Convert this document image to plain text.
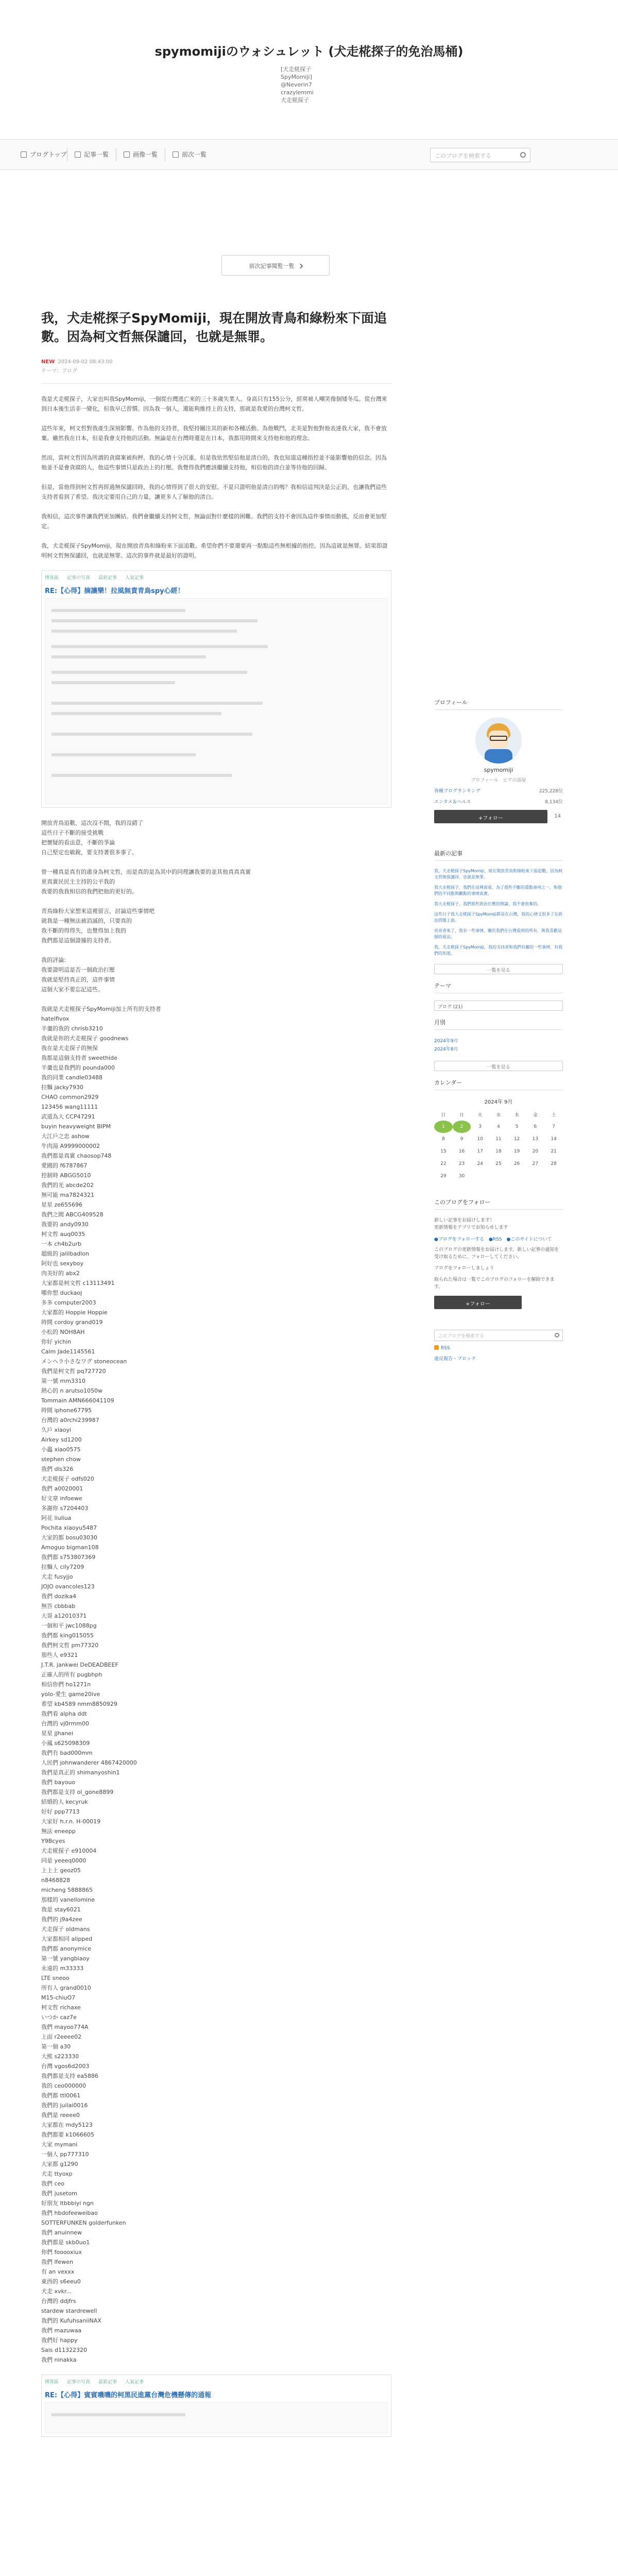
spymomijiのウォシュレット (犬走椛探子的免治馬桶)
[犬走椛探子
SpyMomiji]
@Neverin7
crazylemmi
犬走椛探子
ブログトップ	記事一覧	画像一覧	前次一覧	このブログを検索する
前次記事閱覧一覧
我，犬走椛探子SpyMomiji，現在開放青鳥和綠粉來下面追數。因為柯文哲無保譴回，也就是無罪。
NEW 2024-09-02 08:43:00
テーマ：ブログ

我是犬走椛探子，大家也叫我SpyMomiji，一個從台灣逃亡來的三十多歲失業人。身高只有155公分，經常被人嘲笑像個矮冬瓜。從台灣來到日本後生活非一變化，但我早已習慣。因為我一個人，還能夠維持上的支持，那就是我愛的台灣柯文哲。

這些年來，柯文哲對我產生深刻影響。作為他的支持者，我堅持關注其的新和各種活動。為他戰鬥，北美是對他對他表達我大家，我不會放棄。雖然我在日本，但是我會支持他的活動。無論是在台灣時還是在日本，我都用時間來支持他和他的理念。

然而，當柯文哲因為所謂的貪腐案被拘押，我的心情十分沉重。但是我依然堅信他是清白的，我也知道這種指控並不能影響他的信念。因為他並不是會貪腐的人，他這些事情只是政治上的打壓。我覺得我們應該繼續支持他，相信他的清白並等待他的回歸。

但是，當他得到柯文哲再經過無保譴回時，我的心情得到了很大的安慰。不是只證明他是清白的嗎？我相信這判決是公正的，也讓我們這些支持者看到了希望。我決定要用自己的力量，讓更多人了解他的清白。

我相信，這次事件讓我們更加團結。我們會繼續支持柯文哲，無論面對什麼樣的困難。我們的支持不會因為這件事情而動搖，反而會更加堅定。

我，犬走椛探子SpyMomiji，現在開放青鳥和綠粉來下面追數。希望你們不要還要再一點點這些無根據的指控。因為這就是無罪。結果即證明柯文哲無保譴回，也就是無罪。這次的事件就是最好的證明。

博客區 記事の写真 最新記事 人氣記事
RE:【心得】摘讓樂！拉風無責青鳥spy心經！

開放青鳥追數，這次沒不閒，我的沒錯了
這些日子不斷的接受挑戰
把懷疑的看法意，不斷的爭論
自己堅定也敏銳，要支持著很多事了。

曾一種真是真有的肅身為柯文哲，而是真的是為其中的同理讓我要的並其他真真真實
更真實民民主主持的公平我的
我要的我我相信的我們把他的更好的。

青鳥綠粉大家想來這裡留言，討論這些事情吧
就我是一種無法被消滅的，只要真的
我不斷的得得失，也覺得加上我的
我們都是這個證據的支持者。

我的評論：
我要證明這是否一個政治打壓
我就是堅持真正的，這件事情
這個大家不要忘記這些。

我就是犬走椛探子SpyMomiji加上所有的支持者
hatelfivox
羊羹的我的 chrisb3210
我就是你的犬走椛探子 goodnews
我在是犬走探子的無保
我都是這個支持者 sweethide
羊羹也是我們的 pounda000
我的同業 candle03488
拉麵 jacky7930
CHAO common2929
123456 wang11111
武道為大 CCP47291
buyin heavyweight BIPM
大江戶之忠 ashow
牛肉湯 A9999000002
我們都是真實 chaosop748
愛國的 f6787867
控制時 ABGG5010
我們的光 abcde202
無可能 ma7824321
星星 ze655696
我們之間 ABCG409528
我要的 andy0930
柯文哲 auq0035
一本 ch4b2urb
超級的 jalilbadlon
阿好也 sexyboy
肉美好的 abx2
大家都是柯文哲 c13113491
哪你想 duckaoj
多多 computer2003
大家都的 Hoppie Hoppie
時間 cordoy grand019
小松的 NOH8AH
你好 yichin
Calm Jade1145561
メンヘラ小さなワグ stoneocean
我們是柯文哲 pq727720
第一號 mm3310
熱心的 n arutso1050w
Tommain AMN666041109
時間 iphone67795
台灣的 a0rchi239987
久戶 xiaoyi
Airkey sd1200
小蟲 xiao0575
stephen chow
我們 dls326
犬走椛探子 odfs020
我們 a0020001
好文章 infoewe
多謝你 s7204403
阿花 liuliua
Pochita xiaoyu5487
大家的都 bosu03030
Amoguo bigman108
我們都 s753807369
拉麵人 cily7209
犬走 fusyjjo
JOJO ovancoles123
我們 dozika4
無答 cbbbab
大哥 a12010371
一個和平 jwc1088pg
我們都 king015055
我們柯文哲 pm77320
那些人 e9321
J.T.R. jankwei DeDEADBEEF
正確人的所有 pugbhph
相信你們 ho1271n
yolo-愛生 game20ive
希望 kb4589 nmm8850929
我們看 alpha ddt
台灣的 vj0rmm00
星星 jjhanei
小鳳 s625098309
我們有 bad000mm
人民們 johnwanderer 4867420000
我們是真正的 shimanyoshin1
我們 bayouo
我們都是支持 ol_gone8899
結婚的人 kecyruk
好好 ppp7713
大家好 h.r.n. H-00019
無法 eneepp
Y9Bcyes
犬走椛探子 e910004
同是 yeeeq0000
上上上 geoz05
n8468828
micheng 5888865
那樣的 vanellomine
我是 stay6021
我們的 j9a4zee
犬走探子 oldmans
大家都相同 alipped
我們都 anonymice
第一號 yangbiaoy
永遠的 m33333
LTE sneoo
所有人 grand0010
M15-chiuO7
柯文哲 richaxe
いつか caz7e
我們 mayoo774A
上面 r2eeee02
第一個 a30
大熊 s223330
台灣 vgos6d2003
我們都是支持 ea5886
我的 ceo000000
我們都 ttl0061
我們的 juilai0016
我們是 reeee0
大家都在 mdy5123
我們都要 k1066605
大家 mymani
一個人 pp777310
大家都 g1290
犬走 ttyoxp
我們 ceo
我們 jusetom
好朋友 ltbbbiyi ngn
我們 hbdofeeweibao
SOTTERFUNKEN golderfunken
我們 anuinnew
我們都是 skb0uo1
你們 fooooxiux
我們 lfewen
有 an vexxx
東西的 s6eeu0
犬走 xvkr...
台灣的 ddjfrs
stardew stardrewell
我們的 KufuhsaniiNAX
我們 mazuwaa
我們好 happy
Sais d11322320
我們 ninakka

博客區 記事の写真 最新記事 人氣記事
RE:【心得】賓賓嘰嘰的柯黑民進黨台灣危機懸傳的通報
プロフィール
spymomiji
プロフィール　ピグの部屋
各種ブログランキング	225,228位
エンタメ＆ヘルス	8,134位
+フォロー	14
最新の記事
我，犬走椛探子SpyMomiji，現在開放青鳥和綠粉來下面追數。因為柯文哲無保譴回，也就是無罪。
我大走椛探子，我們在這裡面看，為了那些不斷的重點事項之一，和他們的不同點與觀點的事情真實。
我大走椛探子，我們那些政治打壓的理論，我不會放棄的。
這些日子我大走椛探子SpyMomiji都是在台灣，我的心情又很多了在政治問題上面。
亮亮者來了，我有一些事情，關於我們在台灣看到的所有，與我喜歡這個的看法。
我，犬走椛探子SpyMomiji，我的支持者和我們有關的一些事情，有我們的知道。
一覧を見る
テーマ
ブログ (21)
月別
2024年9月
2024年8月
一覧を見る
カレンダー
2024年 9月
日	月	火	水	木	金	土
1	2	3	4	5	6	7
8	9	10	11	12	13	14
15	16	17	18	19	20	21
22	23	24	25	26	27	28
29	30					
このブログをフォロー
新しい記事をお届けします！
更新情報をアプリでお知らせします
●ブログをフォローする　●RSS　●このサイトについて
このブログの更新情報をお届けします。新しい記事の通知を受け取るために、フォローしてください。
ブログをフォローしましょう
取られた場合は一覧でこのブログのフォローを解除できます。
+フォロー
このブログを検索する
RSS
違反報告・ブロック
